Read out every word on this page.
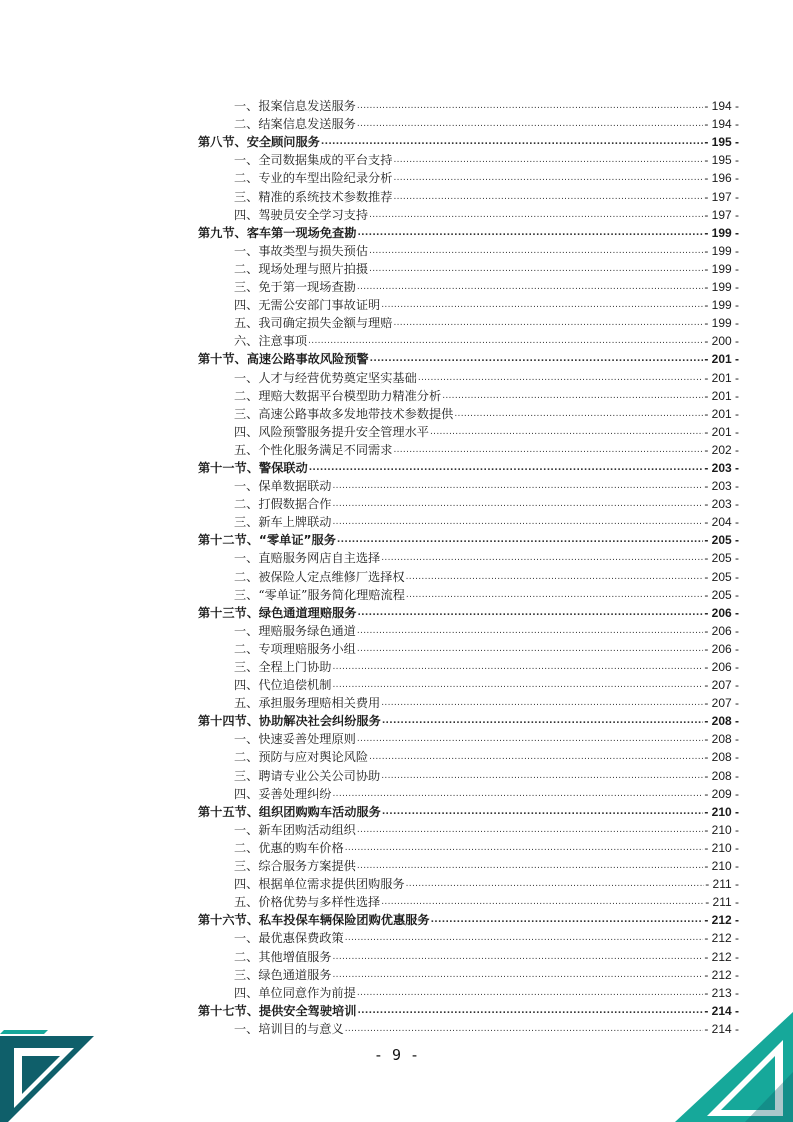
一、报案信息发送服务 .....	- 194 -
二、结案信息发送服务 .....	- 194 -
第八节、安全顾问服务 .....	- 195 -
一、全司数据集成的平台支持 .....	- 195 -
二、专业的车型出险纪录分析 .....	- 196 -
三、精准的系统技术参数推荐 .....	- 197 -
四、驾驶员安全学习支持 .....	- 197 -
第九节、客车第一现场免查勘 .....	- 199 -
一、事故类型与损失预估 .....	- 199 -
二、现场处理与照片拍摄 .....	- 199 -
三、免于第一现场查勘 .....	- 199 -
四、无需公安部门事故证明 .....	- 199 -
五、我司确定损失金额与理赔 .....	- 199 -
六、注意事项 .....	- 200 -
第十节、高速公路事故风险预警 .....	- 201 -
一、人才与经营优势奠定坚实基础 .....	- 201 -
二、理赔大数据平台模型助力精准分析 .....	- 201 -
三、高速公路事故多发地带技术参数提供 .....	- 201 -
四、风险预警服务提升安全管理水平 .....	- 201 -
五、个性化服务满足不同需求 .....	- 202 -
第十一节、警保联动 .....	- 203 -
一、保单数据联动 .....	- 203 -
二、打假数据合作 .....	- 203 -
三、新车上牌联动 .....	- 204 -
第十二节、“零单证”服务 .....	- 205 -
一、直赔服务网店自主选择 .....	- 205 -
二、被保险人定点维修厂选择权 .....	- 205 -
三、“零单证”服务简化理赔流程 .....	- 205 -
第十三节、绿色通道理赔服务 .....	- 206 -
一、理赔服务绿色通道 .....	- 206 -
二、专项理赔服务小组 .....	- 206 -
三、全程上门协助 .....	- 206 -
四、代位追偿机制 .....	- 207 -
五、承担服务理赔相关费用 .....	- 207 -
第十四节、协助解决社会纠纷服务 .....	- 208 -
一、快速妥善处理原则 .....	- 208 -
二、预防与应对舆论风险 .....	- 208 -
三、聘请专业公关公司协助 .....	- 208 -
四、妥善处理纠纷 .....	- 209 -
第十五节、组织团购购车活动服务 .....	- 210 -
一、新车团购活动组织 .....	- 210 -
二、优惠的购车价格 .....	- 210 -
三、综合服务方案提供 .....	- 210 -
四、根据单位需求提供团购服务 .....	- 211 -
五、价格优势与多样性选择 .....	- 211 -
第十六节、私车投保车辆保险团购优惠服务 .....	- 212 -
一、最优惠保费政策 .....	- 212 -
二、其他增值服务 .....	- 212 -
三、绿色通道服务 .....	- 212 -
四、单位同意作为前提 .....	- 213 -
第十七节、提供安全驾驶培训 .....	- 214 -
一、培训目的与意义 .....	- 214 -
- 9 -
